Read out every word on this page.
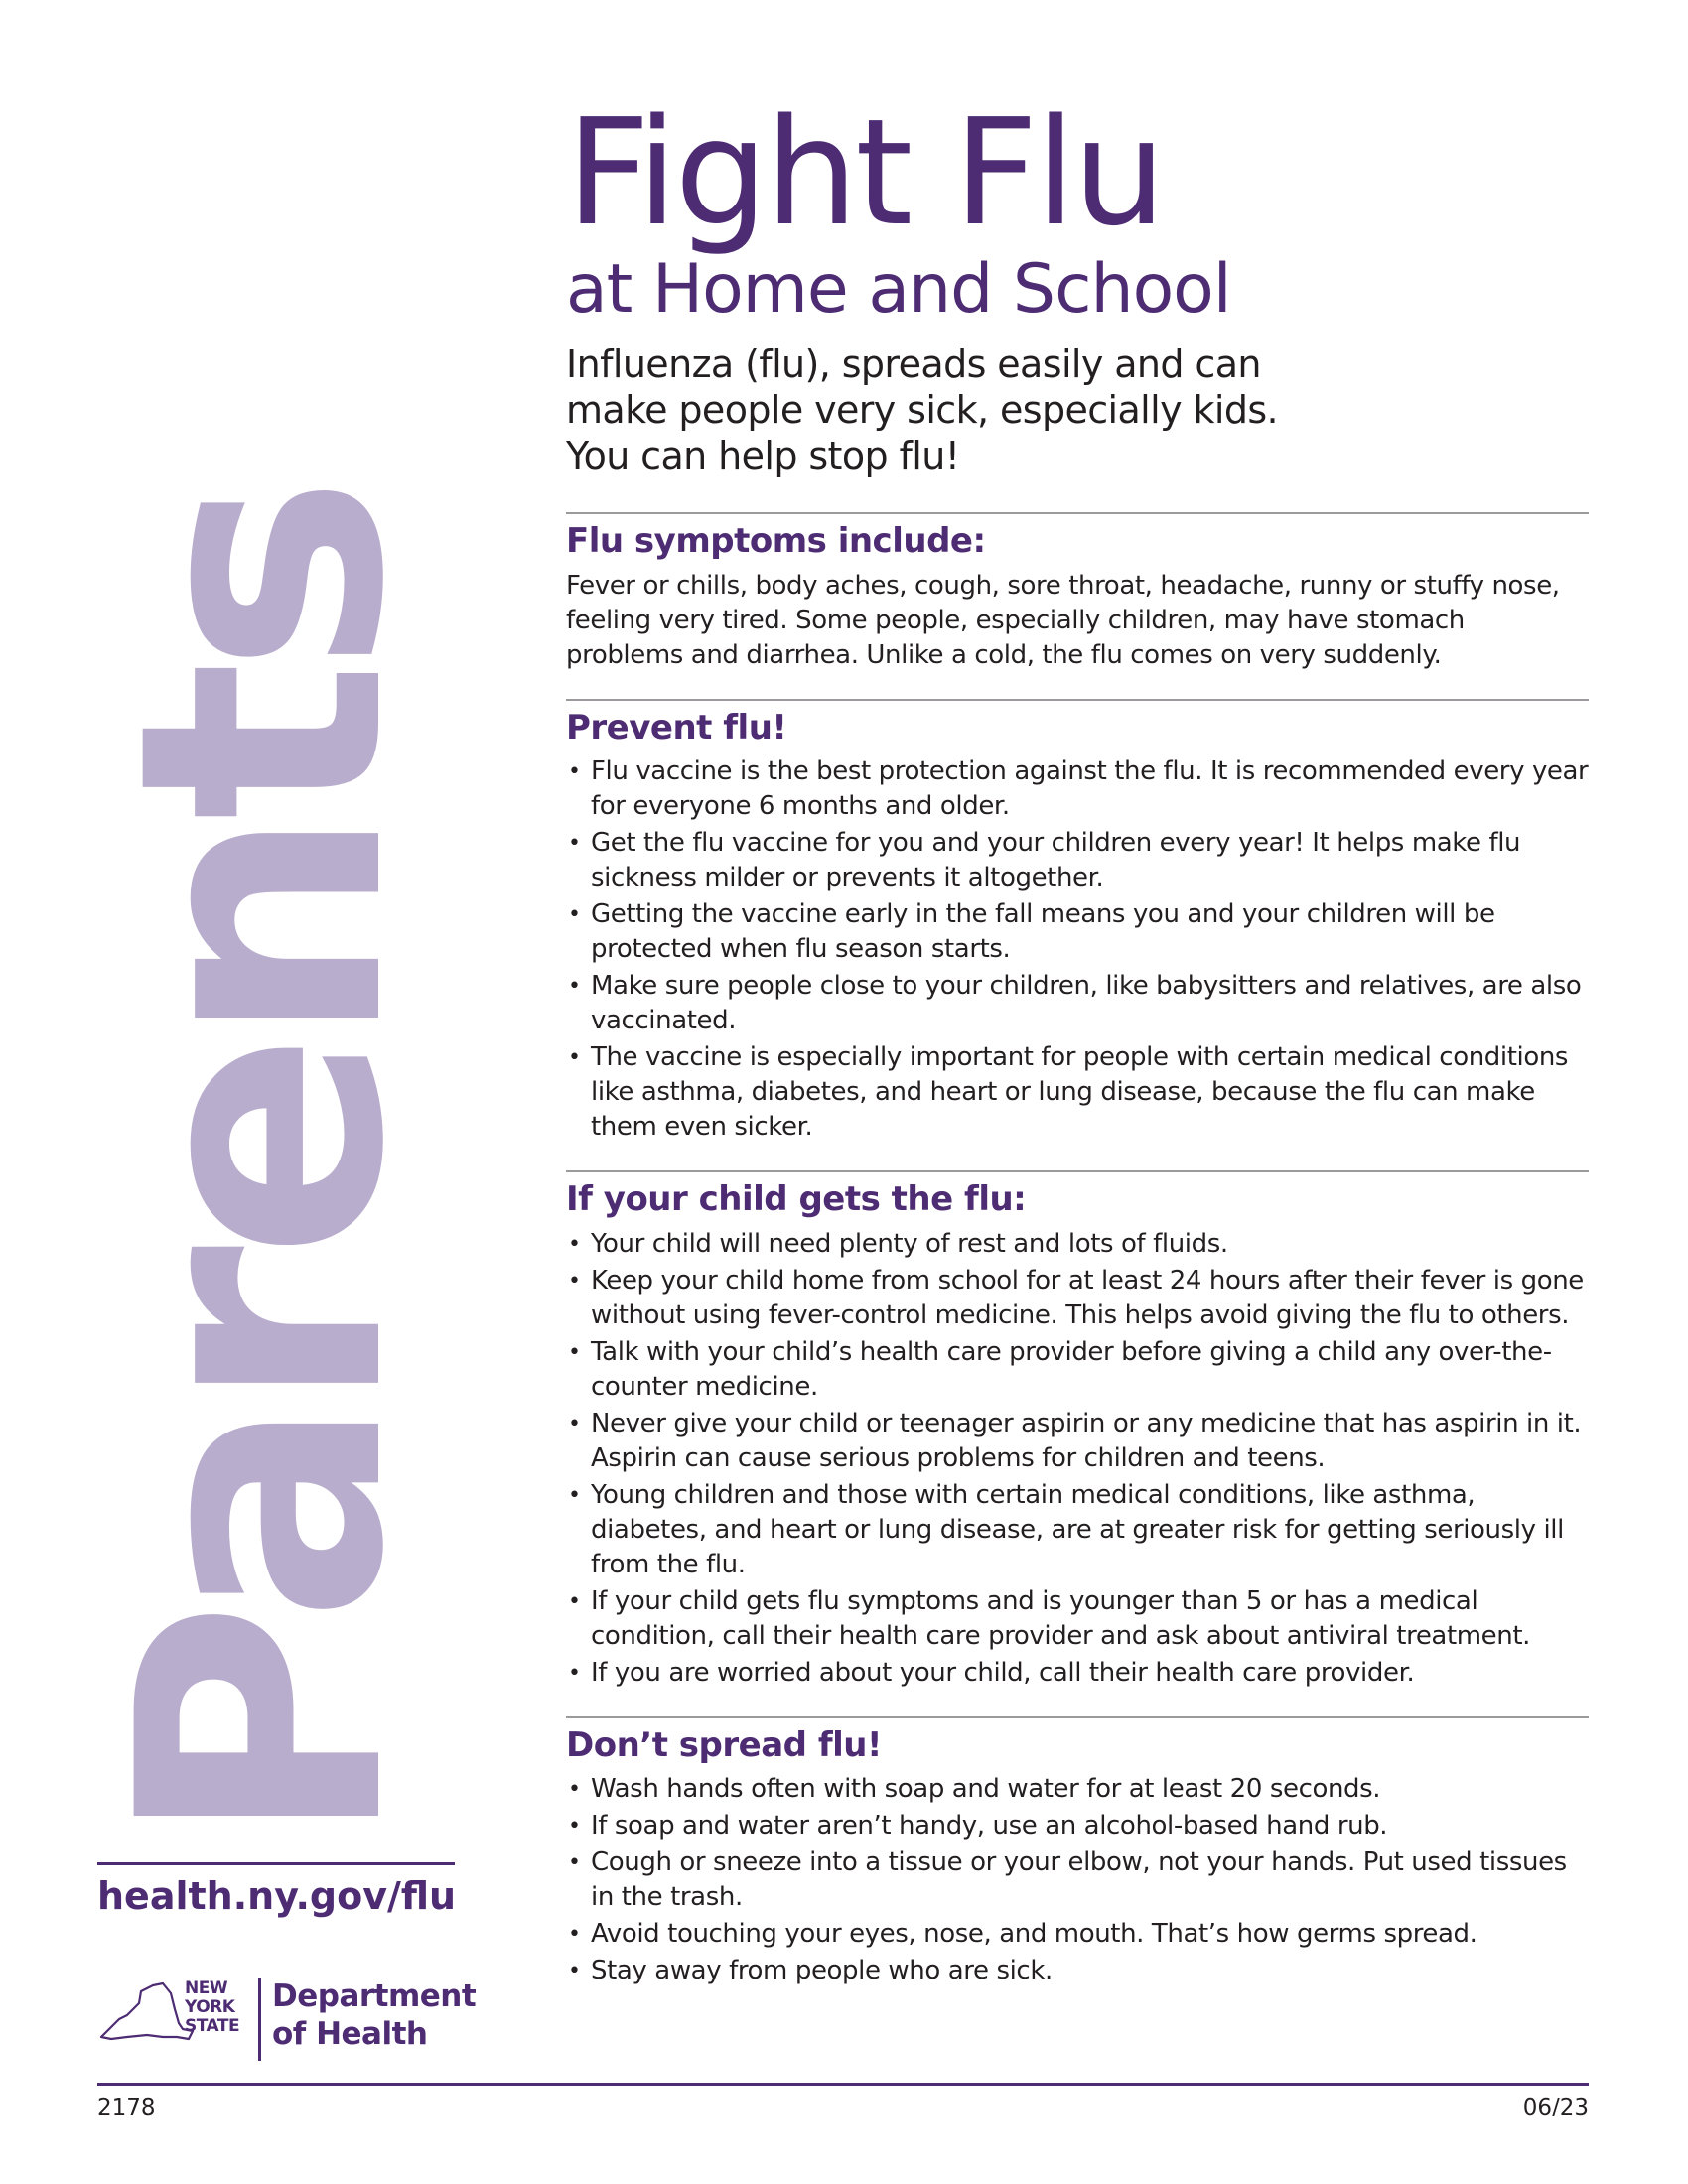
Parents
health.ny.gov/flu
NEW
YORK
STATE
Department
of Health
Fight Flu
at Home and School
Influenza (flu), spreads easily and can
make people very sick, especially kids.
You can help stop flu!
Flu symptoms include:

Fever or chills, body aches, cough, sore throat, headache, runny or stuffy nose, feeling very tired. Some people, especially children, may have stomach problems and diarrhea. Unlike a cold, the flu comes on very suddenly.

Prevent flu!
• Flu vaccine is the best protection against the flu. It is recommended every year for everyone 6 months and older.
• Get the flu vaccine for you and your children every year! It helps make flu sickness milder or prevents it altogether.
• Getting the vaccine early in the fall means you and your children will be protected when flu season starts.
• Make sure people close to your children, like babysitters and relatives, are also vaccinated.
• The vaccine is especially important for people with certain medical conditions like asthma, diabetes, and heart or lung disease, because the flu can make them even sicker.
If your child gets the flu:
• Your child will need plenty of rest and lots of fluids.
• Keep your child home from school for at least 24 hours after their fever is gone without using fever-control medicine. This helps avoid giving the flu to others.
• Talk with your child’s health care provider before giving a child any over-the-counter medicine.
• Never give your child or teenager aspirin or any medicine that has aspirin in it. Aspirin can cause serious problems for children and teens.
• Young children and those with certain medical conditions, like asthma, diabetes, and heart or lung disease, are at greater risk for getting seriously ill from the flu.
• If your child gets flu symptoms and is younger than 5 or has a medical condition, call their health care provider and ask about antiviral treatment.
• If you are worried about your child, call their health care provider.
Don’t spread flu!
• Wash hands often with soap and water for at least 20 seconds.
• If soap and water aren’t handy, use an alcohol-based hand rub.
• Cough or sneeze into a tissue or your elbow, not your hands. Put used tissues in the trash.
• Avoid touching your eyes, nose, and mouth. That’s how germs spread.
• Stay away from people who are sick.
2178	06/23
